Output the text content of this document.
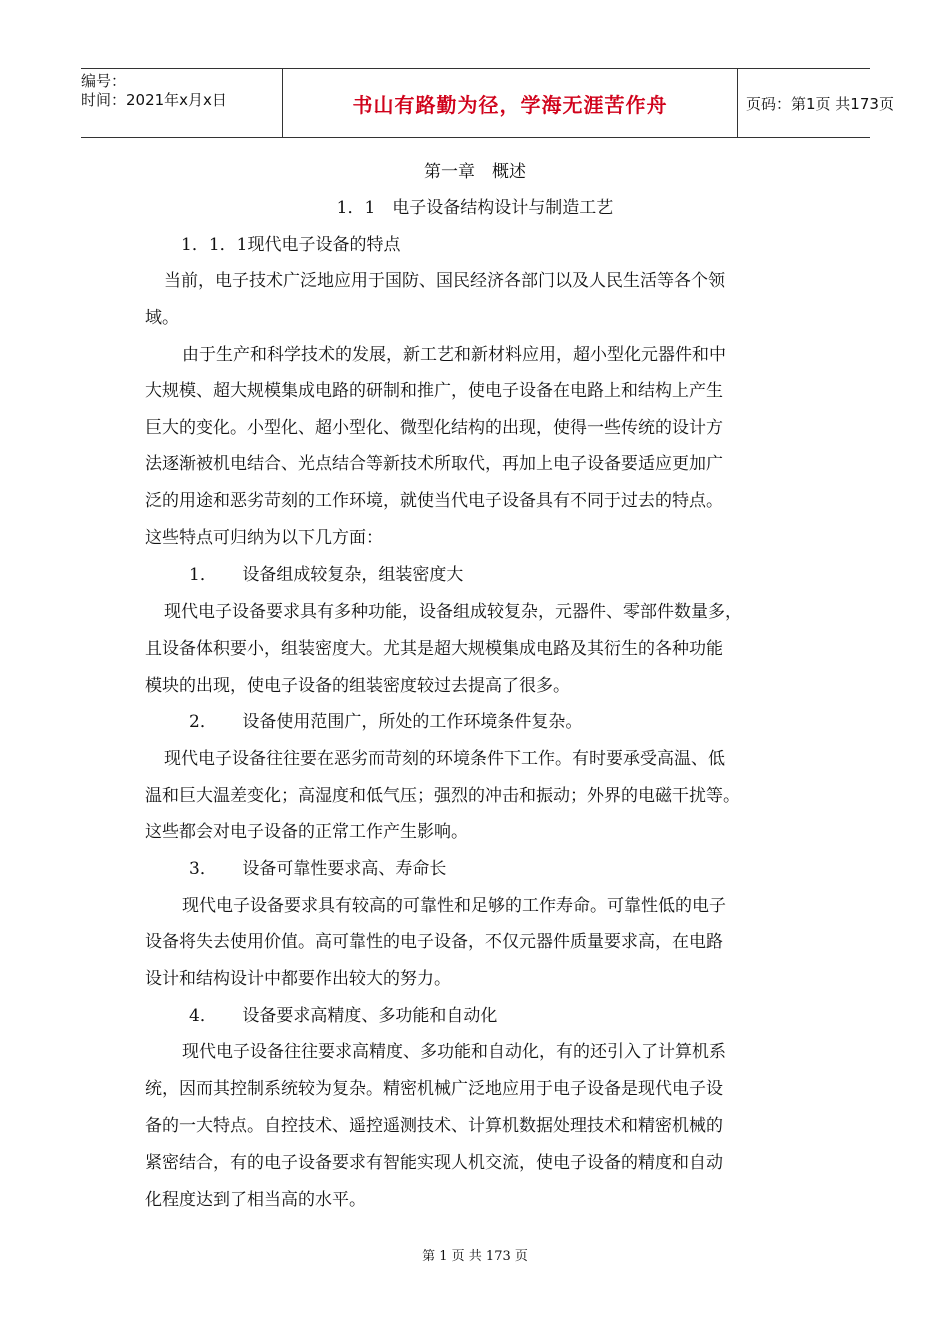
编号：
时间：2021年x月x日	书山有路勤为径，学海无涯苦作舟	页码：第1页 共173页
第一章　概述
1．1　电子设备结构设计与制造工艺
1．1．1现代电子设备的特点
当前，电子技术广泛地应用于国防、国民经济各部门以及人民生活等各个领
域。
由于生产和科学技术的发展，新工艺和新材料应用，超小型化元器件和中
大规模、超大规模集成电路的研制和推广，使电子设备在电路上和结构上产生
巨大的变化。小型化、超小型化、微型化结构的出现，使得一些传统的设计方
法逐渐被机电结合、光点结合等新技术所取代，再加上电子设备要适应更加广
泛的用途和恶劣苛刻的工作环境，就使当代电子设备具有不同于过去的特点。
这些特点可归纳为以下几方面：
1．　　设备组成较复杂，组装密度大
现代电子设备要求具有多种功能，设备组成较复杂，元器件、零部件数量多，
且设备体积要小，组装密度大。尤其是超大规模集成电路及其衍生的各种功能
模块的出现，使电子设备的组装密度较过去提高了很多。
2．　　设备使用范围广，所处的工作环境条件复杂。
现代电子设备往往要在恶劣而苛刻的环境条件下工作。有时要承受高温、低
温和巨大温差变化；高湿度和低气压；强烈的冲击和振动；外界的电磁干扰等。
这些都会对电子设备的正常工作产生影响。
3．　　设备可靠性要求高、寿命长
现代电子设备要求具有较高的可靠性和足够的工作寿命。可靠性低的电子
设备将失去使用价值。高可靠性的电子设备，不仅元器件质量要求高，在电路
设计和结构设计中都要作出较大的努力。
4．　　设备要求高精度、多功能和自动化
现代电子设备往往要求高精度、多功能和自动化，有的还引入了计算机系
统，因而其控制系统较为复杂。精密机械广泛地应用于电子设备是现代电子设
备的一大特点。自控技术、遥控遥测技术、计算机数据处理技术和精密机械的
紧密结合，有的电子设备要求有智能实现人机交流，使电子设备的精度和自动
化程度达到了相当高的水平。
第 1 页 共 173 页
